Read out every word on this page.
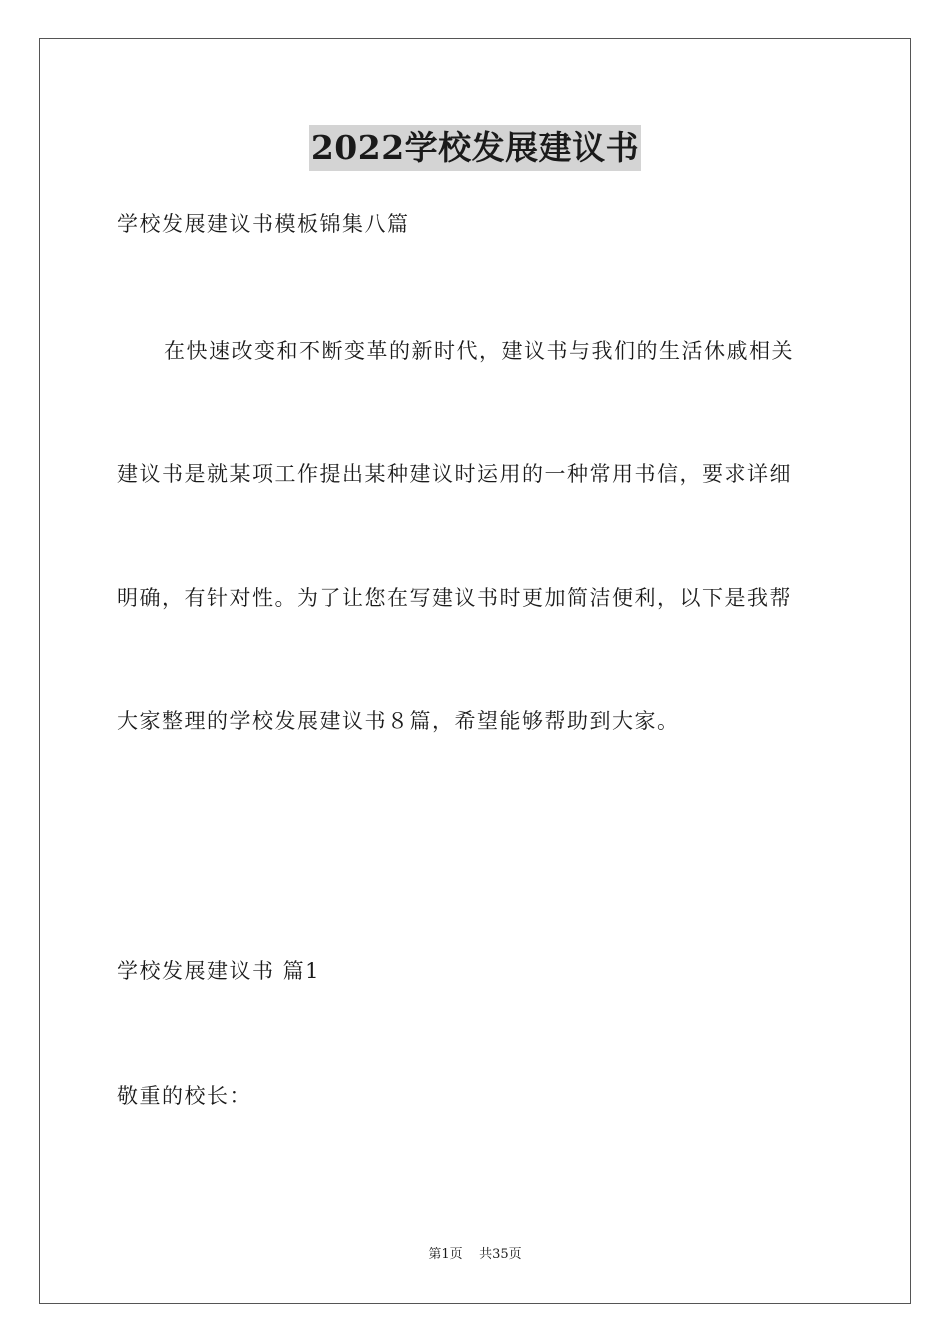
2022学校发展建议书
学校发展建议书模板锦集八篇
在快速改变和不断变革的新时代，建议书与我们的生活休戚相关
建议书是就某项工作提出某种建议时运用的一种常用书信，要求详细
明确，有针对性。为了让您在写建议书时更加简洁便利，以下是我帮
大家整理的学校发展建议书８篇，希望能够帮助到大家。
学校发展建议书 篇1
敬重的校长：
第1页 共35页
